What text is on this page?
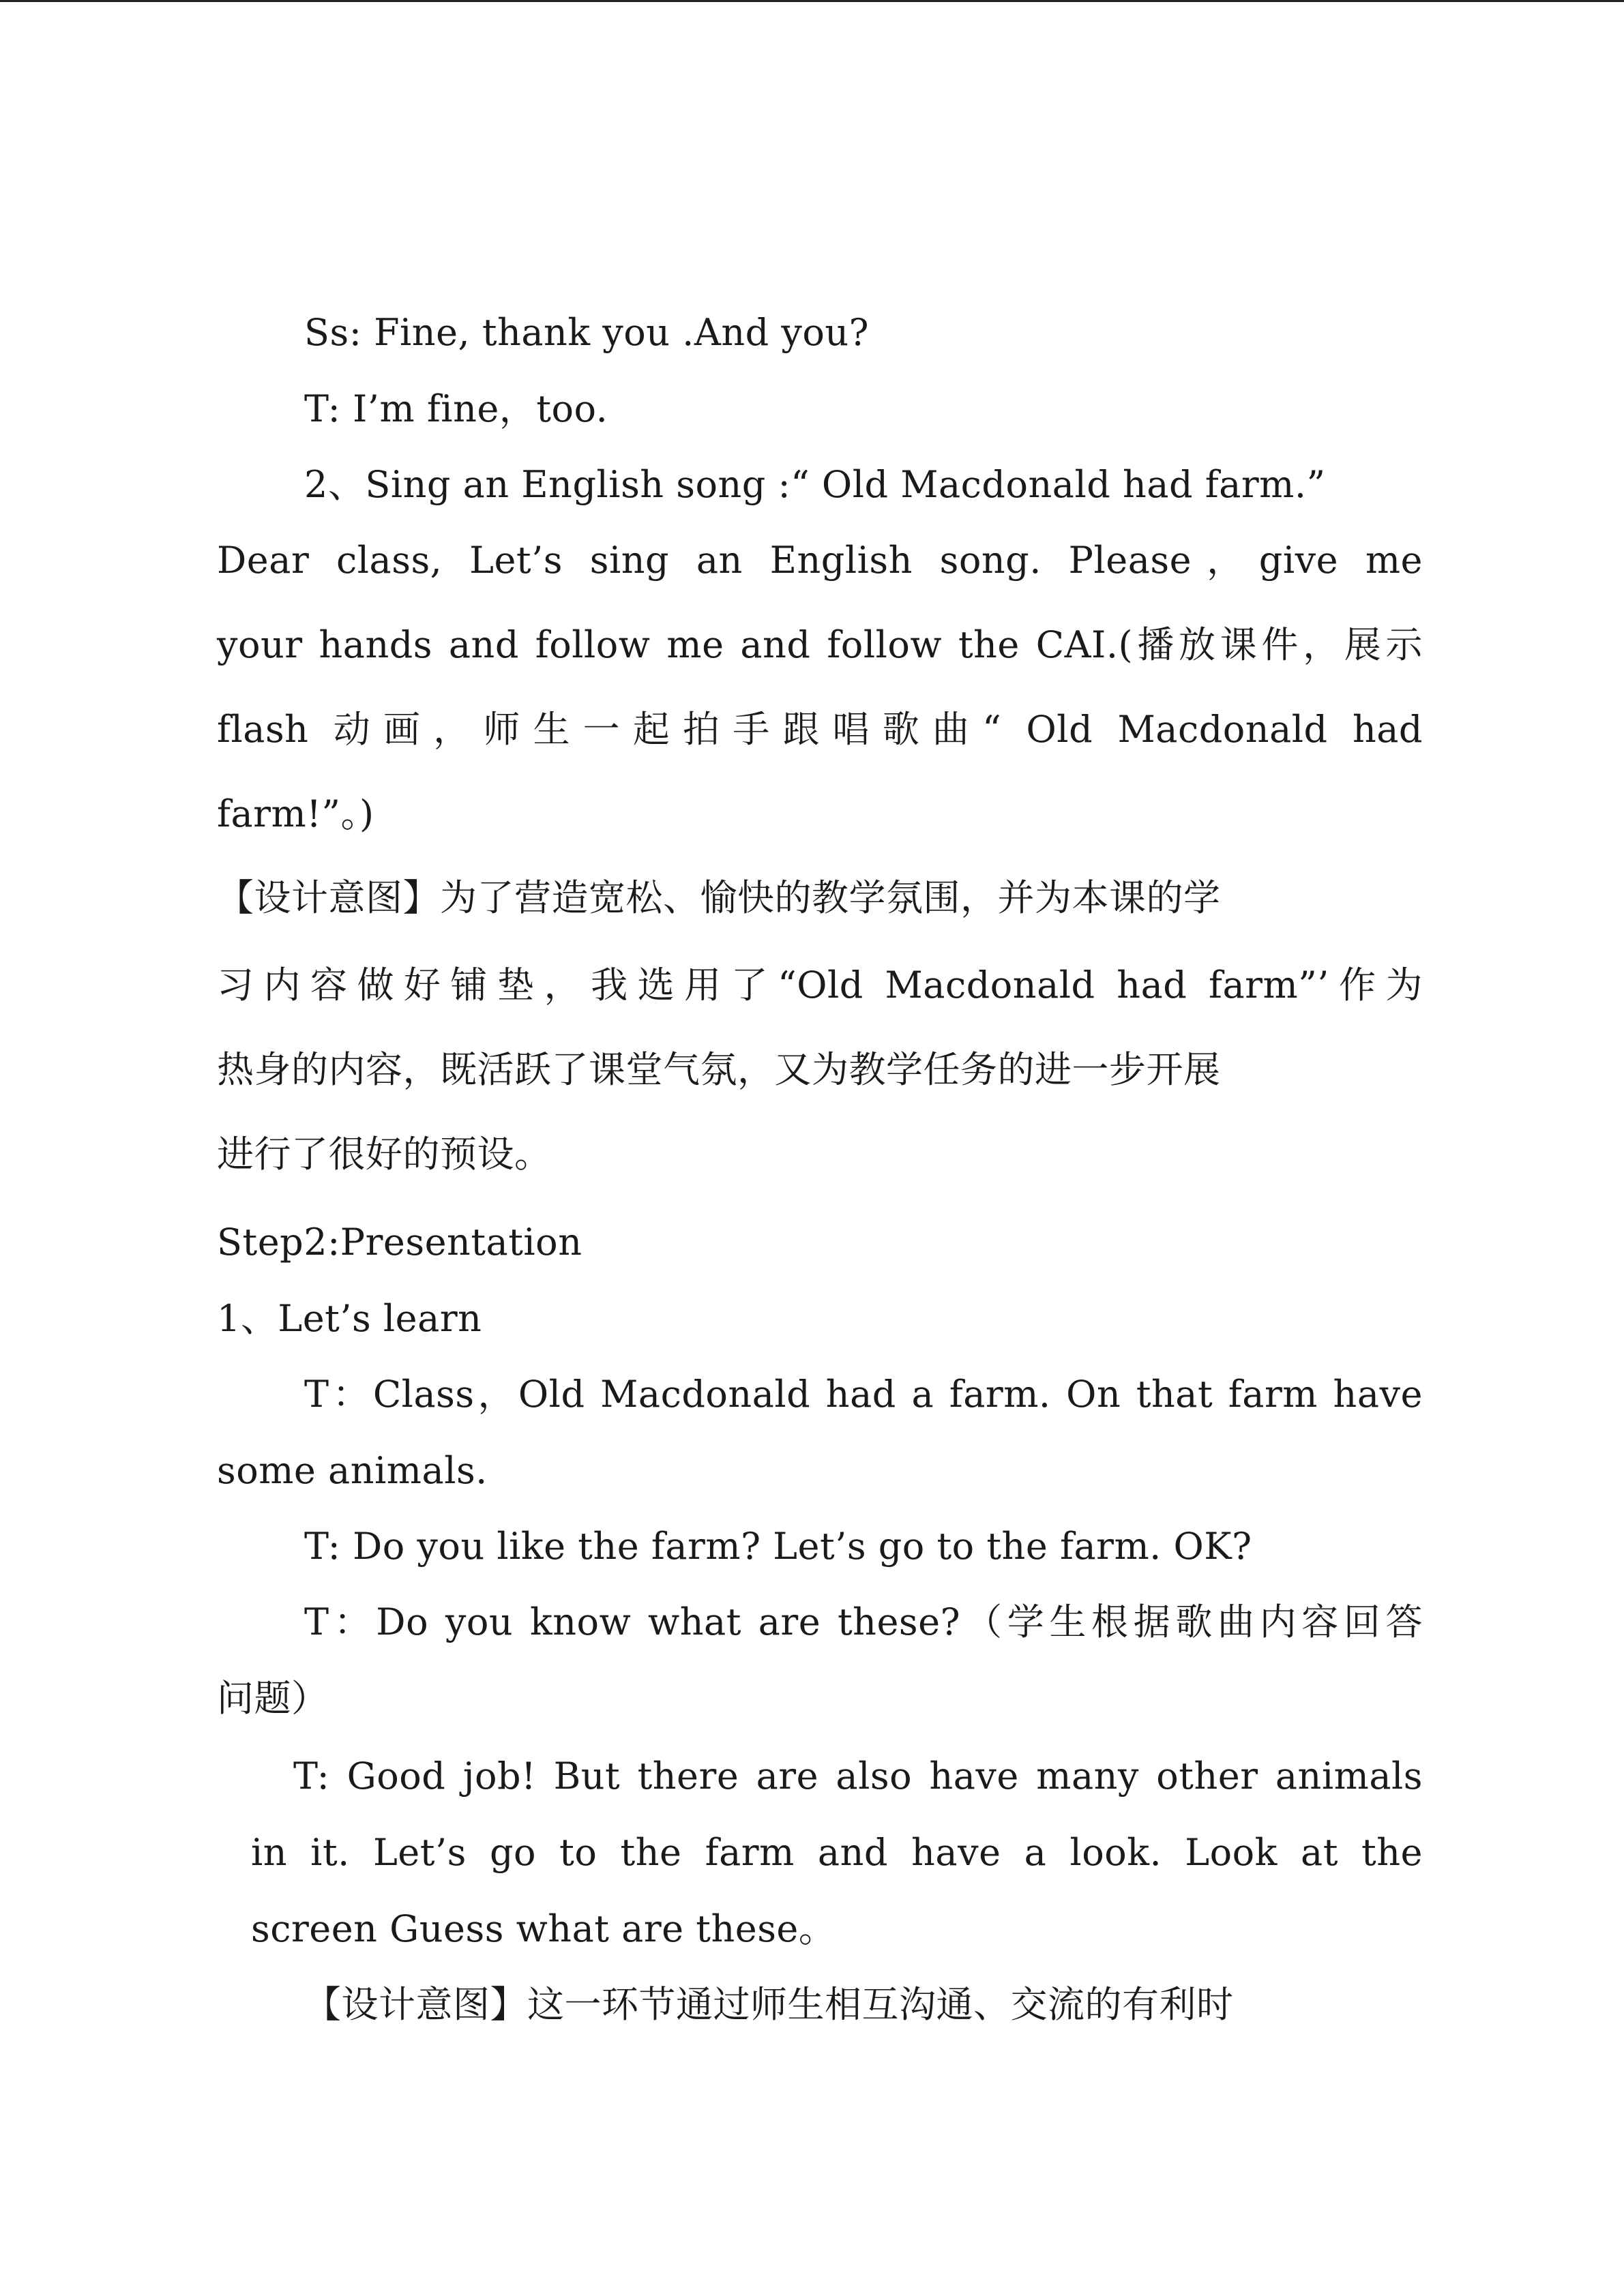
Ss: Fine, thank you .And you?
T: I’m fine，too.
2、Sing an English song :“ Old Macdonald had farm.”
Dear class, Let’s sing an English song. Please，give me
your hands and follow me and follow the CAI.(播放课件，展示
flash 动画，师生一起拍手跟唱歌曲“ Old Macdonald had
farm!”。)
【设计意图】为了营造宽松、愉快的教学氛围，并为本课的学
习内容做好铺垫，我选用了“Old Macdonald had farm”’作为
热身的内容，既活跃了课堂气氛，又为教学任务的进一步开展
进行了很好的预设。
Step2:Presentation
1、Let’s learn
T：Class，Old Macdonald had a farm. On that farm have
some animals.
T: Do you like the farm? Let’s go to the farm. OK?
T：Do you know what are these?（学生根据歌曲内容回答
问题）
T: Good job! But there are also have many other animals
in it. Let’s go to the farm and have a look. Look at the
screen Guess what are these。
【设计意图】这一环节通过师生相互沟通、交流的有利时
